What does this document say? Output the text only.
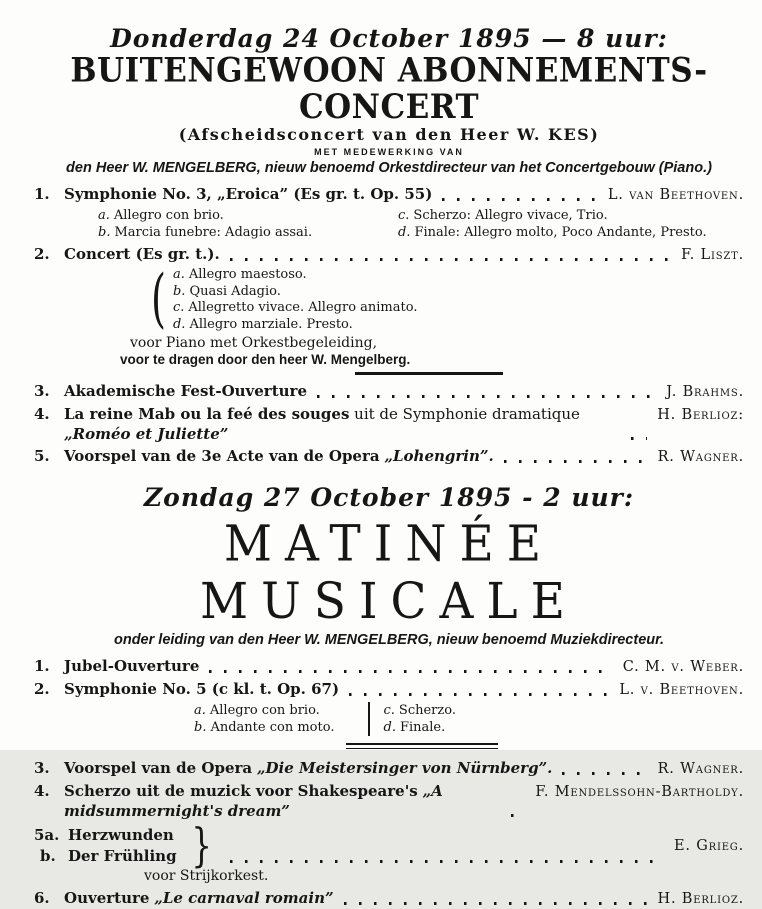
Donderdag 24 October 1895 — 8 uur:
BUITENGEWOON ABONNEMENTS-CONCERT
(Afscheidsconcert van den Heer W. KES)
MET MEDEWERKING VAN
den Heer W. MENGELBERG, nieuw benoemd Orkestdirecteur van het Concertgebouw (Piano.)
1. Symphonie No. 3, „Eroica” (Es gr. t. Op. 55)	L. van Beethoven.
a. Allegro con brio.
b. Marcia funebre: Adagio assai.
c. Scherzo: Allegro vivace, Trio.
d. Finale: Allegro molto, Poco Andante, Presto.
2. Concert (Es gr. t.).	F. Liszt.
( a. Allegro maestoso.
b. Quasi Adagio.
c. Allegretto vivace. Allegro animato.
d. Allegro marziale. Presto.
voor Piano met Orkestbegeleiding,
voor te dragen door den heer W. Mengelberg.
3. Akademische Fest-Ouverture	J. Brahms.
4. La reine Mab ou la feé des souges uit de Symphonie dramatique „Roméo et Juliette”
H. Berlioz:
5. Voorspel van de 3e Acte van de Opera „Lohengrin”.	R. Wagner.
Zondag 27 October 1895 - 2 uur:
MATINÉE MUSICALE
onder leiding van den Heer W. MENGELBERG, nieuw benoemd Muziekdirecteur.
1. Jubel-Ouverture	C. M. v. Weber.
2. Symphonie No. 5 (c kl. t. Op. 67)	L. v. Beethoven.
a. Allegro con brio.
b. Andante con moto.
c. Scherzo.
d. Finale.
3. Voorspel van de Opera „Die Meistersinger von Nürnberg”.	R. Wagner.
4. Scherzo uit de muzick voor Shakespeare's „A midsummernight's dream”
F. Mendelssohn-Bartholdy.
5a. Herzwunden
b. Der Frühling }	E. Grieg.
voor Strijkorkest.
6. Ouverture „Le carnaval romain”	H. Berlioz.
